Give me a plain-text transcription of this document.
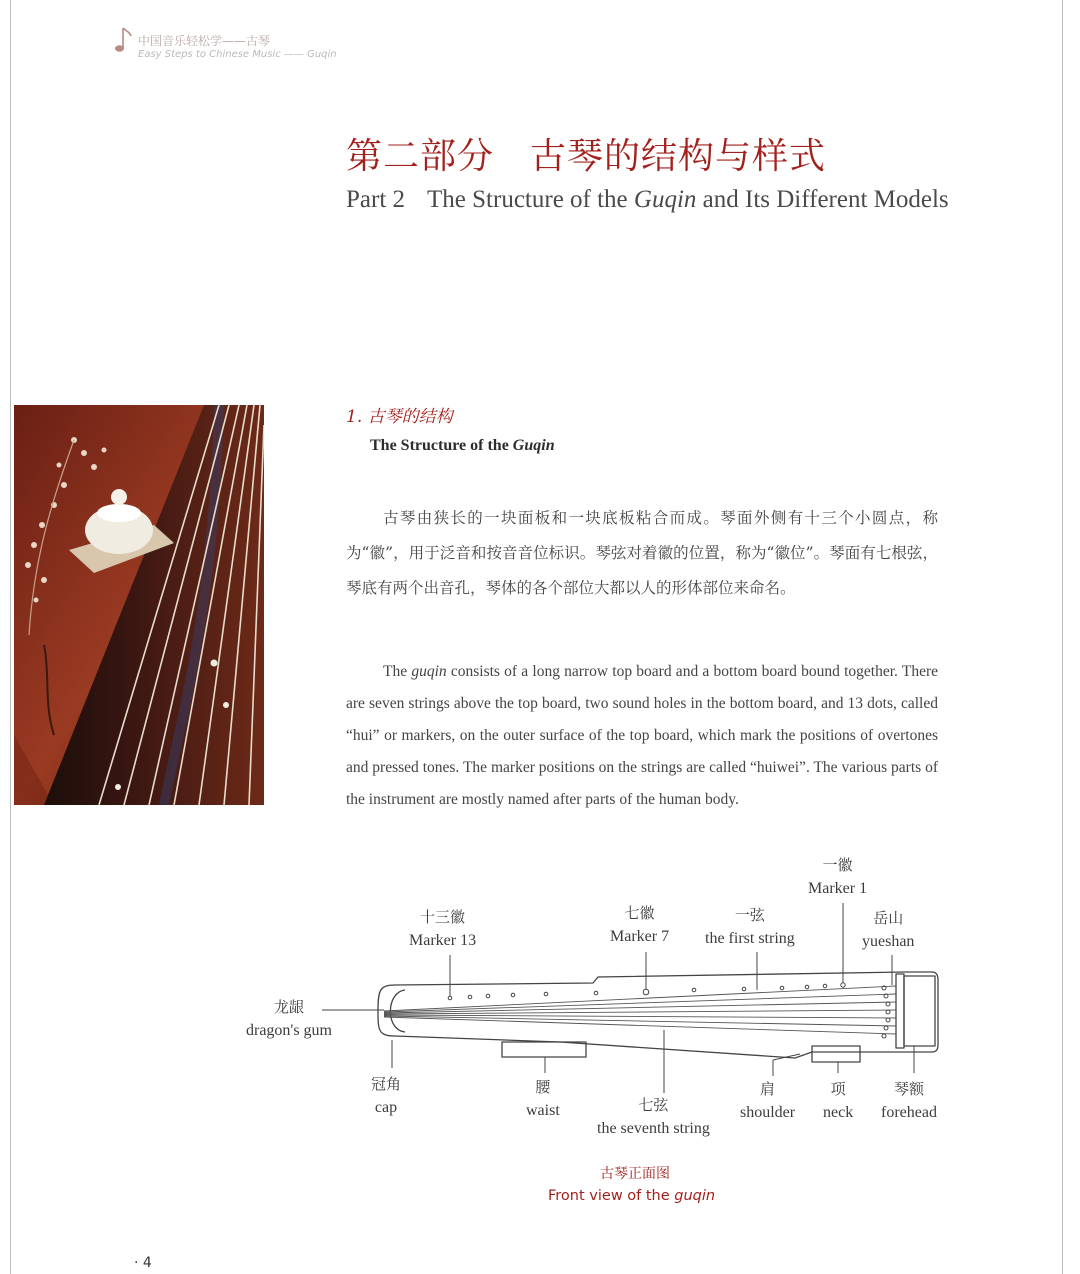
中国音乐轻松学——古琴
Easy Steps to Chinese Music —— Guqin
第二部分 古琴的结构与样式
Part 2 The Structure of the Guqin and Its Different Models
1. 古琴的结构
The Structure of the Guqin
古琴由狭长的一块面板和一块底板粘合而成。琴面外侧有十三个小圆点，称为“徽”，用于泛音和按音音位标识。琴弦对着徽的位置，称为“徽位”。琴面有七根弦，琴底有两个出音孔，琴体的各个部位大都以人的形体部位来命名。
The guqin consists of a long narrow top board and a bottom board bound together. There are seven strings above the top board, two sound holes in the bottom board, and 13 dots, called “hui” or markers, on the outer surface of the top board, which mark the positions of overtones and pressed tones. The marker positions on the strings are called “huiwei”. The various parts of the instrument are mostly named after parts of the human body.
一徽
Marker 1
十三徽
Marker 13
七徽
Marker 7
一弦
the first string
岳山
yueshan
龙龈
dragon's gum
冠角
cap
腰
waist	七弦
the seventh string
肩
shoulder
项
neck
琴额
forehead
古琴正面图
Front view of the guqin
· 4
